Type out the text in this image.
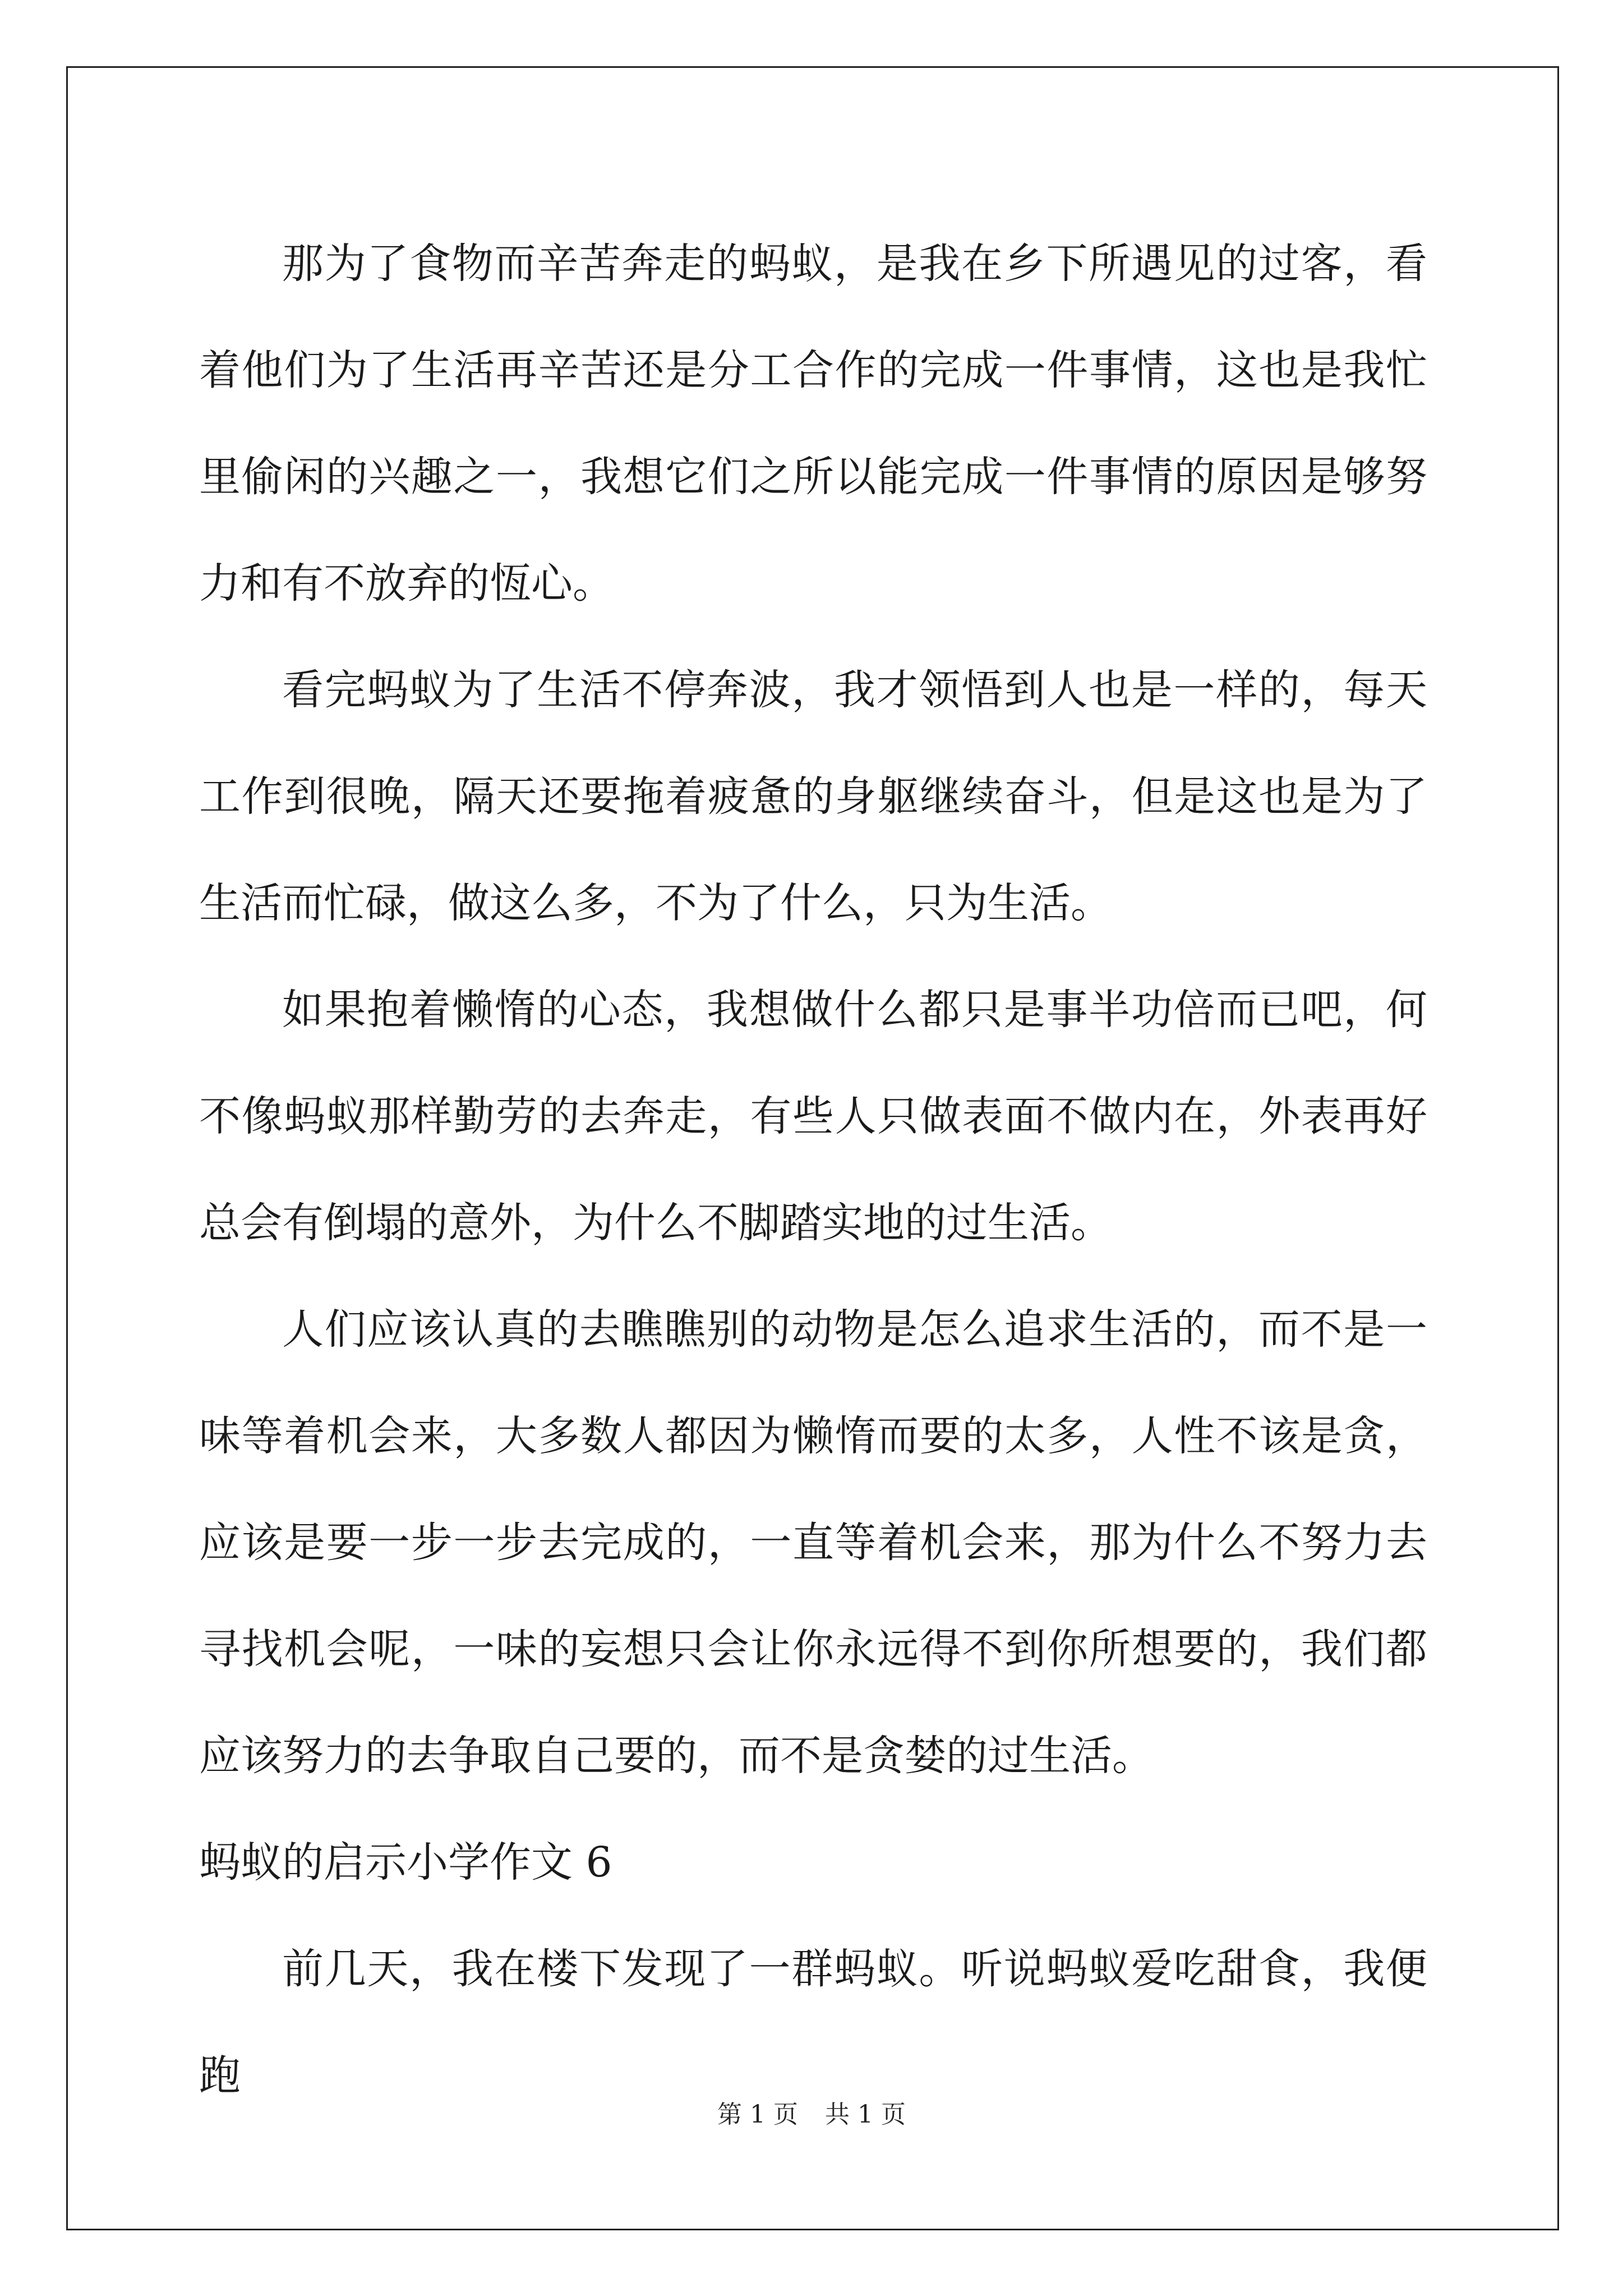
那为了食物而辛苦奔走的蚂蚁，是我在乡下所遇见的过客，看着他们为了生活再辛苦还是分工合作的完成一件事情，这也是我忙里偷闲的兴趣之一，我想它们之所以能完成一件事情的原因是够努力和有不放弃的恆心。

看完蚂蚁为了生活不停奔波，我才领悟到人也是一样的，每天工作到很晚，隔天还要拖着疲惫的身躯继续奋斗，但是这也是为了生活而忙碌，做这么多，不为了什么，只为生活。

如果抱着懒惰的心态，我想做什么都只是事半功倍而已吧，何不像蚂蚁那样勤劳的去奔走，有些人只做表面不做内在，外表再好总会有倒塌的意外，为什么不脚踏实地的过生活。

人们应该认真的去瞧瞧别的动物是怎么追求生活的，而不是一味等着机会来，大多数人都因为懒惰而要的太多，人性不该是贪，应该是要一步一步去完成的，一直等着机会来，那为什么不努力去寻找机会呢，一味的妄想只会让你永远得不到你所想要的，我们都应该努力的去争取自己要的，而不是贪婪的过生活。

蚂蚁的启示小学作文 6

前几天，我在楼下发现了一群蚂蚁。听说蚂蚁爱吃甜食，我便跑

第 1 页 共 1 页
